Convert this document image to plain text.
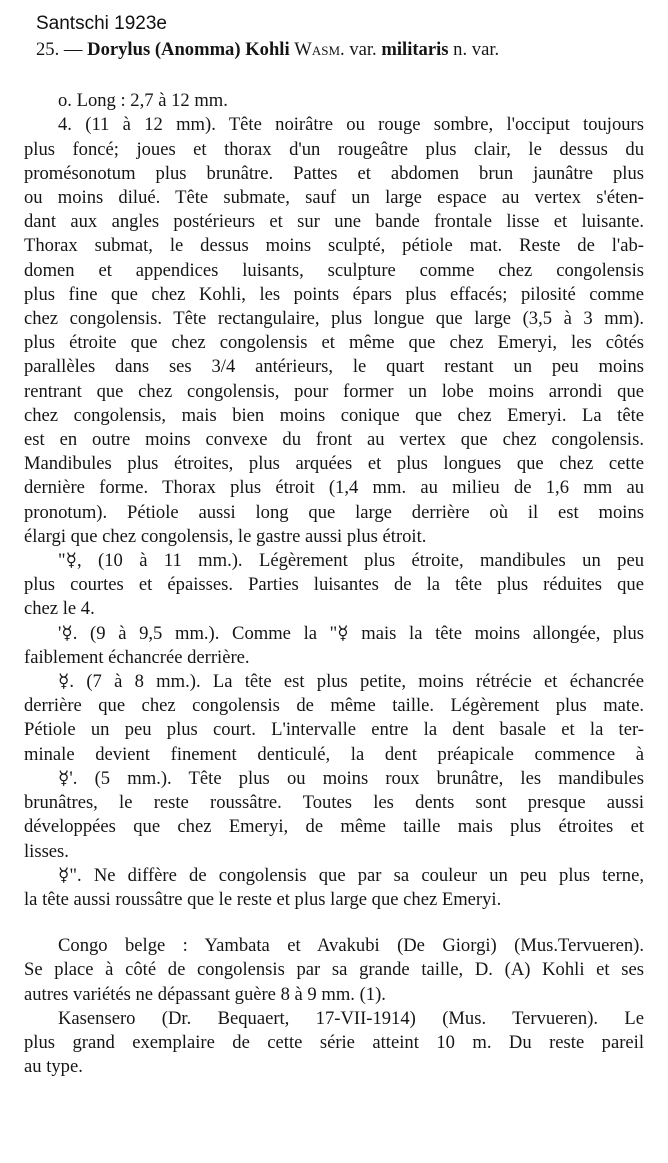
Santschi 1923e
25. — Dorylus (Anomma) Kohli Wasm. var. militaris n. var.
o. Long : 2,7 à 12 mm.
4. (11 à 12 mm). Tête noirâtre ou rouge sombre, l'occiput toujours
plus foncé; joues et thorax d'un rougeâtre plus clair, le dessus du
promésonotum plus brunâtre. Pattes et abdomen brun jaunâtre plus
ou moins dilué. Tête submate, sauf un large espace au vertex s'éten-
dant aux angles postérieurs et sur une bande frontale lisse et luisante.
Thorax submat, le dessus moins sculpté, pétiole mat. Reste de l'ab-
domen et appendices luisants, sculpture comme chez congolensis
plus fine que chez Kohli, les points épars plus effacés; pilosité comme
chez congolensis. Tête rectangulaire, plus longue que large (3,5 à 3 mm).
plus étroite que chez congolensis et même que chez Emeryi, les côtés
parallèles dans ses 3/4 antérieurs, le quart restant un peu moins
rentrant que chez congolensis, pour former un lobe moins arrondi que
chez congolensis, mais bien moins conique que chez Emeryi. La tête
est en outre moins convexe du front au vertex que chez congolensis.
Mandibules plus étroites, plus arquées et plus longues que chez cette
dernière forme. Thorax plus étroit (1,4 mm. au milieu de 1,6 mm au
pronotum). Pétiole aussi long que large derrière où il est moins
élargi que chez congolensis, le gastre aussi plus étroit.
"☿, (10 à 11 mm.). Légèrement plus étroite, mandibules un peu
plus courtes et épaisses. Parties luisantes de la tête plus réduites que
chez le 4.
'☿. (9 à 9,5 mm.). Comme la "☿ mais la tête moins allongée, plus
faiblement échancrée derrière.
☿. (7 à 8 mm.). La tête est plus petite, moins rétrécie et échancrée
derrière que chez congolensis de même taille. Légèrement plus mate.
Pétiole un peu plus court. L'intervalle entre la dent basale et la ter-
minale devient finement denticulé, la dent préapicale commence à
☿'. (5 mm.). Tête plus ou moins roux brunâtre, les mandibules
brunâtres, le reste roussâtre. Toutes les dents sont presque aussi
développées que chez Emeryi, de même taille mais plus étroites et
lisses.
☿". Ne diffère de congolensis que par sa couleur un peu plus terne,
la tête aussi roussâtre que le reste et plus large que chez Emeryi.
Congo belge : Yambata et Avakubi (De Giorgi) (Mus.Tervueren).
Se place à côté de congolensis par sa grande taille, D. (A) Kohli et ses
autres variétés ne dépassant guère 8 à 9 mm. (1).
Kasensero (Dr. Bequaert, 17-VII-1914) (Mus. Tervueren). Le
plus grand exemplaire de cette série atteint 10 m. Du reste pareil
au type.
